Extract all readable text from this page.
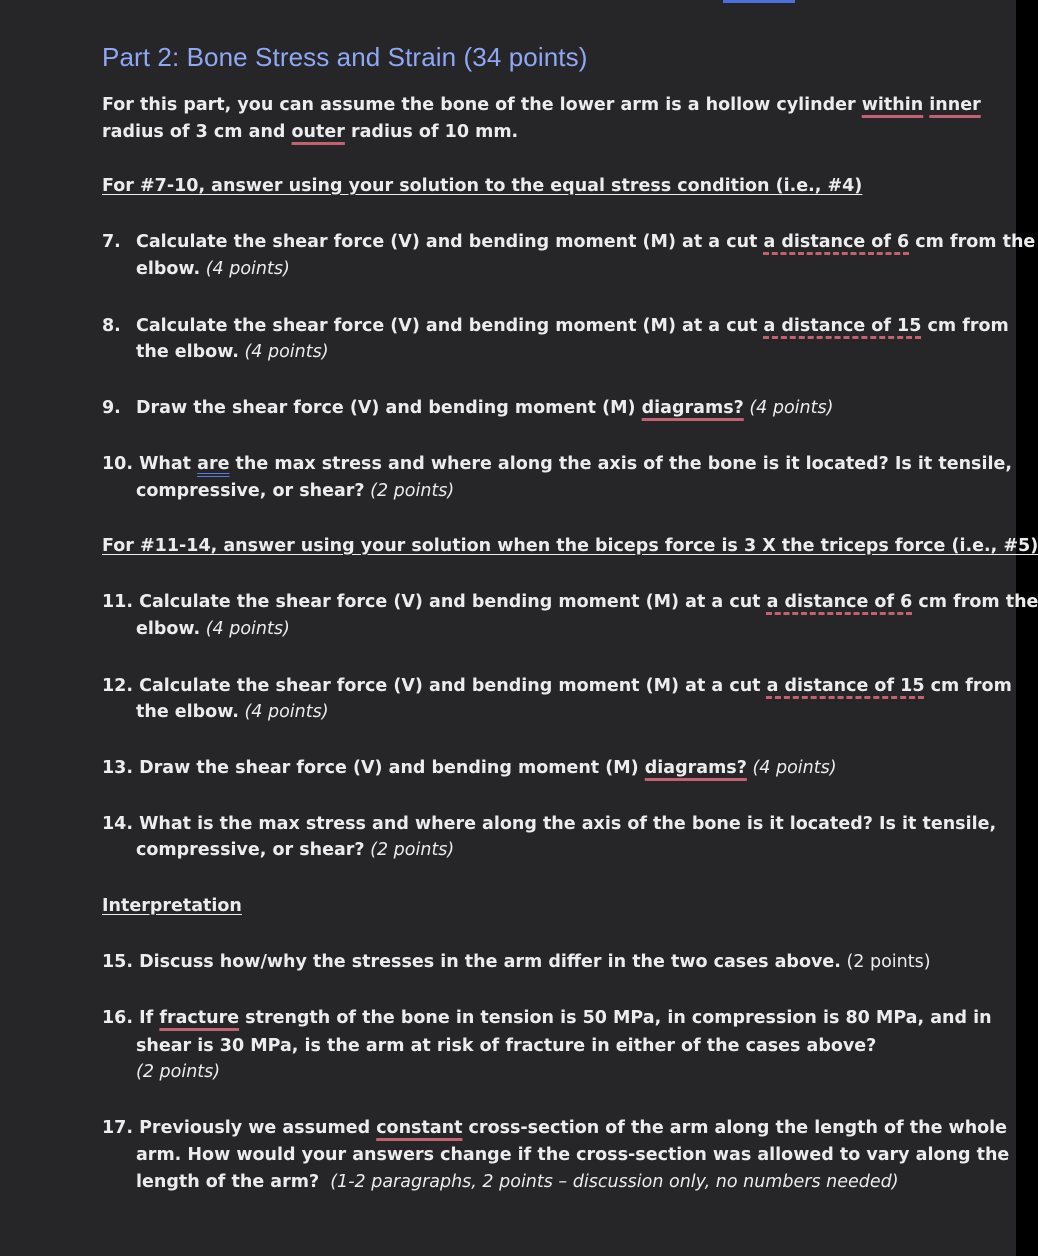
Part 2: Bone Stress and Strain (34 points)
For this part, you can assume the bone of the lower arm is a hollow cylinder within inner
radius of 3 cm and outer radius of 10 mm.
For #7-10, answer using your solution to the equal stress condition (i.e., #4)
7. Calculate the shear force (V) and bending moment (M) at a cut a distance of 6 cm from the
elbow. (4 points)
8. Calculate the shear force (V) and bending moment (M) at a cut a distance of 15 cm from
the elbow. (4 points)
9. Draw the shear force (V) and bending moment (M) diagrams? (4 points)
10. What are the max stress and where along the axis of the bone is it located? Is it tensile,
compressive, or shear? (2 points)
For #11-14, answer using your solution when the biceps force is 3 X the triceps force (i.e., #5)
11. Calculate the shear force (V) and bending moment (M) at a cut a distance of 6 cm from the
elbow. (4 points)
12. Calculate the shear force (V) and bending moment (M) at a cut a distance of 15 cm from
the elbow. (4 points)
13. Draw the shear force (V) and bending moment (M) diagrams? (4 points)
14. What is the max stress and where along the axis of the bone is it located? Is it tensile,
compressive, or shear? (2 points)
Interpretation
15. Discuss how/why the stresses in the arm differ in the two cases above. (2 points)
16. If fracture strength of the bone in tension is 50 MPa, in compression is 80 MPa, and in
shear is 30 MPa, is the arm at risk of fracture in either of the cases above?
(2 points)
17. Previously we assumed constant cross-section of the arm along the length of the whole
arm. How would your answers change if the cross-section was allowed to vary along the
length of the arm?  (1-2 paragraphs, 2 points – discussion only, no numbers needed)
